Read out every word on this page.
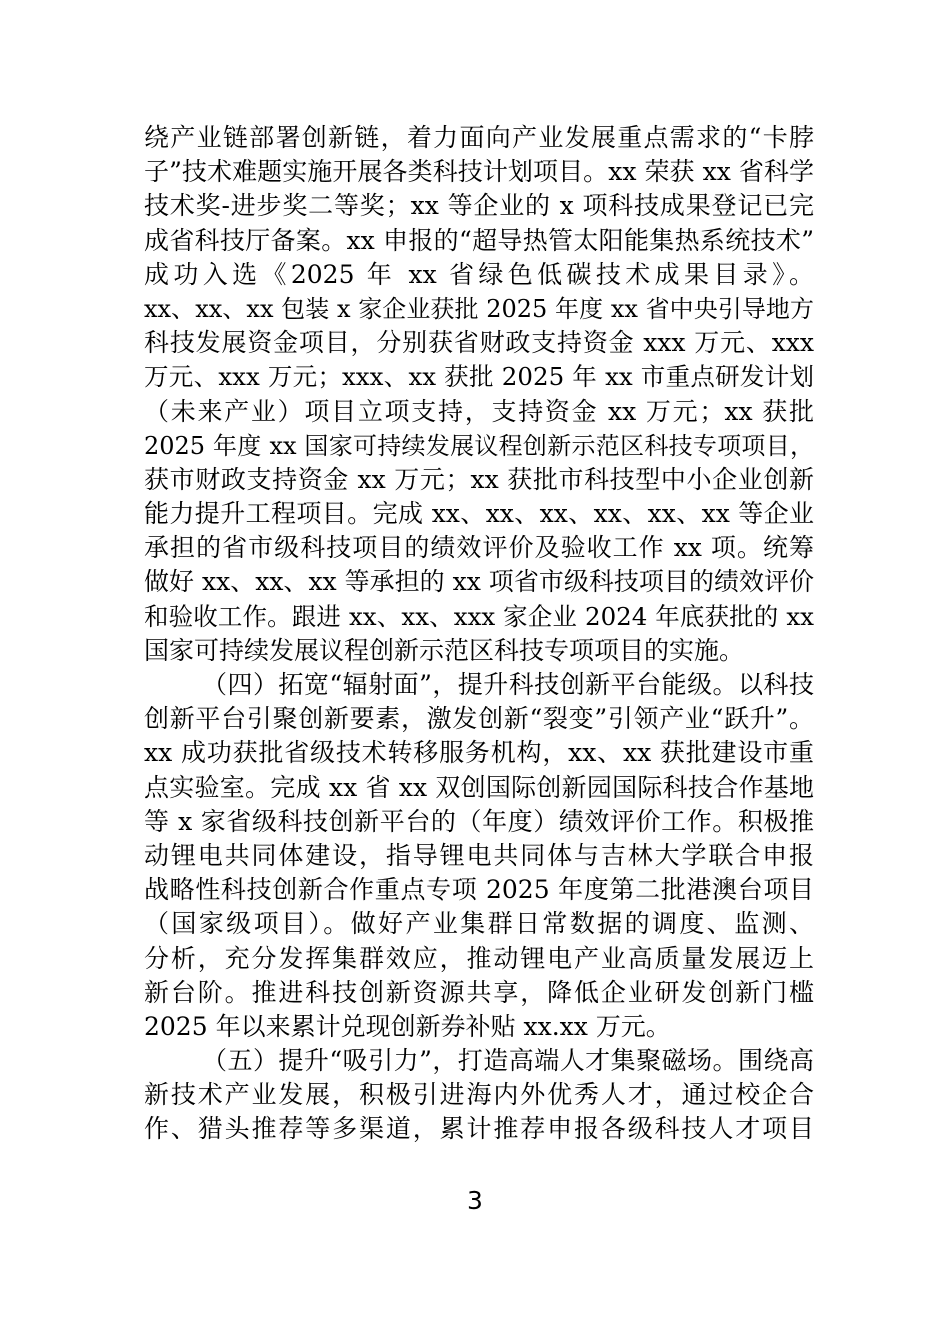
绕产业链部署创新链，着力面向产业发展重点需求的“卡脖
子”技术难题实施开展各类科技计划项目。xx 荣获 xx 省科学
技术奖-进步奖二等奖；xx 等企业的 x 项科技成果登记已完
成省科技厅备案。xx 申报的“超导热管太阳能集热系统技术”
成功入选《2025 年 xx 省绿色低碳技术成果目录》。
xx、xx、xx 包装 x 家企业获批 2025 年度 xx 省中央引导地方
科技发展资金项目，分别获省财政支持资金 xxx 万元、xxx
万元、xxx 万元；xxx、xx 获批 2025 年 xx 市重点研发计划
（未来产业）项目立项支持，支持资金 xx 万元；xx 获批
2025 年度 xx 国家可持续发展议程创新示范区科技专项项目，
获市财政支持资金 xx 万元；xx 获批市科技型中小企业创新
能力提升工程项目。完成 xx、xx、xx、xx、xx、xx 等企业
承担的省市级科技项目的绩效评价及验收工作 xx 项。统筹
做好 xx、xx、xx 等承担的 xx 项省市级科技项目的绩效评价
和验收工作。跟进 xx、xx、xxx 家企业 2024 年底获批的 xx
国家可持续发展议程创新示范区科技专项项目的实施。
（四）拓宽“辐射面”，提升科技创新平台能级。以科技
创新平台引聚创新要素，激发创新“裂变”引领产业“跃升”。
xx 成功获批省级技术转移服务机构，xx、xx 获批建设市重
点实验室。完成 xx 省 xx 双创国际创新园国际科技合作基地
等 x 家省级科技创新平台的（年度）绩效评价工作。积极推
动锂电共同体建设，指导锂电共同体与吉林大学联合申报
战略性科技创新合作重点专项 2025 年度第二批港澳台项目
（国家级项目）。做好产业集群日常数据的调度、监测、
分析，充分发挥集群效应，推动锂电产业高质量发展迈上
新台阶。推进科技创新资源共享，降低企业研发创新门槛
2025 年以来累计兑现创新券补贴 xx.xx 万元。
（五）提升“吸引力”，打造高端人才集聚磁场。围绕高
新技术产业发展，积极引进海内外优秀人才，通过校企合
作、猎头推荐等多渠道，累计推荐申报各级科技人才项目
3
